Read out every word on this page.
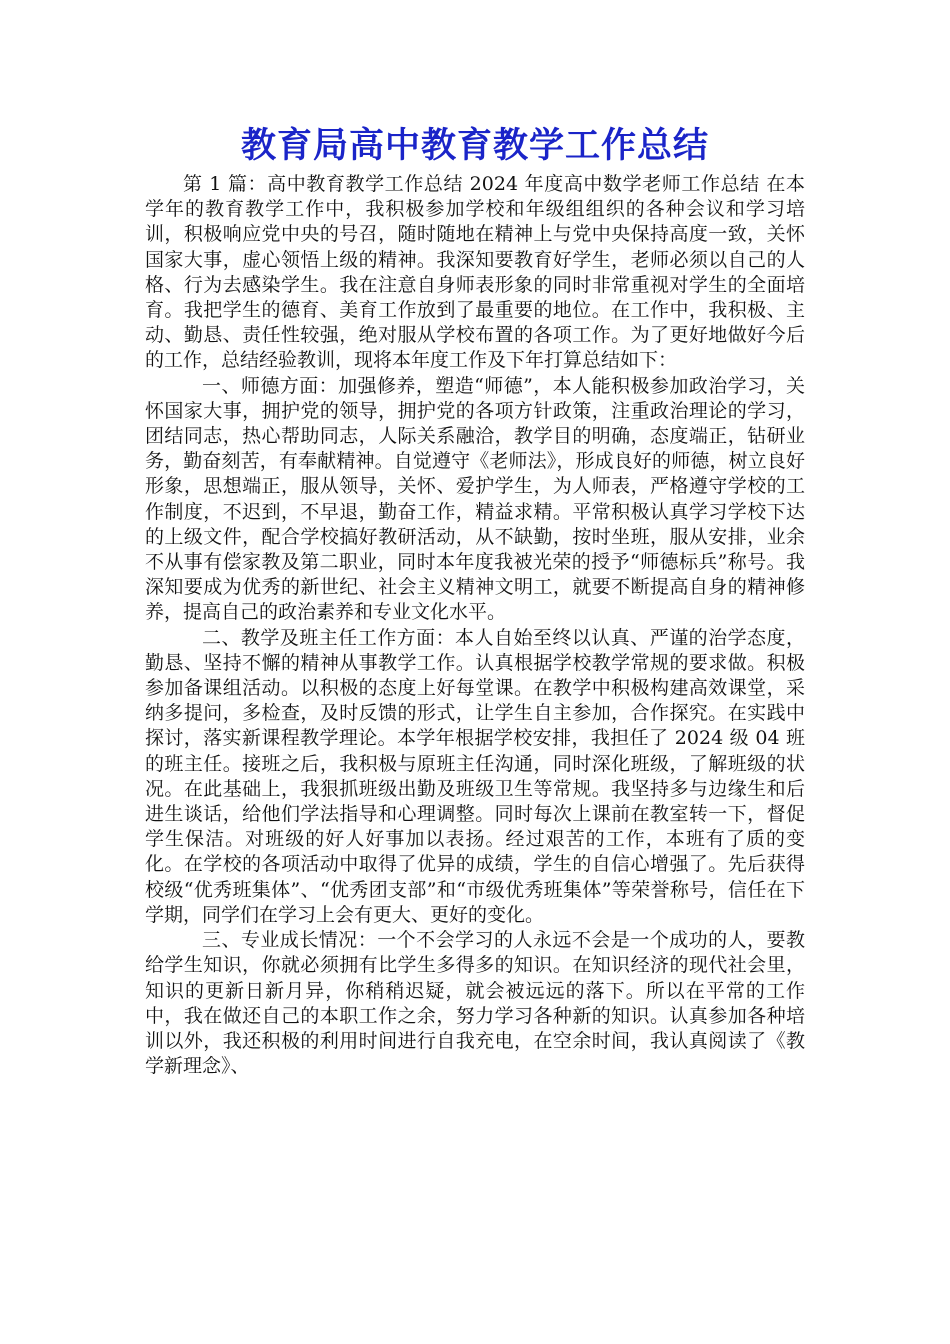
教育局高中教育教学工作总结

第 1 篇：高中教育教学工作总结 2024 年度高中数学老师工作总结 在本学年的教育教学工作中，我积极参加学校和年级组组织的各种会议和学习培训，积极响应党中央的号召，随时随地在精神上与党中央保持高度一致，关怀国家大事，虚心领悟上级的精神。我深知要教育好学生，老师必须以自己的人格、行为去感染学生。我在注意自身师表形象的同时非常重视对学生的全面培育。我把学生的德育、美育工作放到了最重要的地位。在工作中，我积极、主动、勤恳、责任性较强，绝对服从学校布置的各项工作。为了更好地做好今后的工作，总结经验教训，现将本年度工作及下年打算总结如下：

一、师德方面：加强修养，塑造“师德”，本人能积极参加政治学习，关怀国家大事，拥护党的领导，拥护党的各项方针政策，注重政治理论的学习，团结同志，热心帮助同志，人际关系融洽，教学目的明确，态度端正，钻研业务，勤奋刻苦，有奉献精神。自觉遵守《老师法》，形成良好的师德，树立良好形象，思想端正，服从领导，关怀、爱护学生，为人师表，严格遵守学校的工作制度，不迟到，不早退，勤奋工作，精益求精。平常积极认真学习学校下达的上级文件，配合学校搞好教研活动，从不缺勤，按时坐班，服从安排，业余不从事有偿家教及第二职业，同时本年度我被光荣的授予“师德标兵”称号。我深知要成为优秀的新世纪、社会主义精神文明工，就要不断提高自身的精神修养，提高自己的政治素养和专业文化水平。

二、教学及班主任工作方面：本人自始至终以认真、严谨的治学态度，勤恳、坚持不懈的精神从事教学工作。认真根据学校教学常规的要求做。积极参加备课组活动。以积极的态度上好每堂课。在教学中积极构建高效课堂，采纳多提问，多检查，及时反馈的形式，让学生自主参加，合作探究。在实践中探讨，落实新课程教学理论。本学年根据学校安排，我担任了 2024 级 04 班的班主任。接班之后，我积极与原班主任沟通，同时深化班级，了解班级的状况。在此基础上，我狠抓班级出勤及班级卫生等常规。我坚持多与边缘生和后进生谈话，给他们学法指导和心理调整。同时每次上课前在教室转一下，督促学生保洁。对班级的好人好事加以表扬。经过艰苦的工作，本班有了质的变化。在学校的各项活动中取得了优异的成绩，学生的自信心增强了。先后获得校级“优秀班集体”、“优秀团支部”和“市级优秀班集体”等荣誉称号，信任在下学期，同学们在学习上会有更大、更好的变化。

三、专业成长情况：一个不会学习的人永远不会是一个成功的人，要教给学生知识，你就必须拥有比学生多得多的知识。在知识经济的现代社会里，知识的更新日新月异，你稍稍迟疑，就会被远远的落下。所以在平常的工作中，我在做还自己的本职工作之余，努力学习各种新的知识。认真参加各种培训以外，我还积极的利用时间进行自我充电，在空余时间，我认真阅读了《教学新理念》、
